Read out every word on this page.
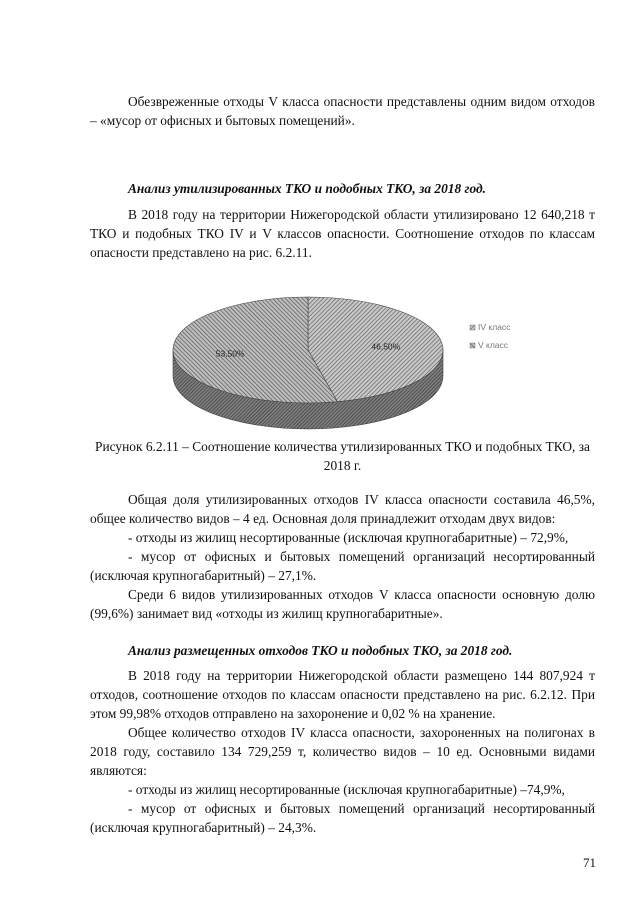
Обезвреженные отходы V класса опасности представлены одним видом отходов – «мусор от офисных и бытовых помещений».

Анализ утилизированных ТКО и подобных ТКО, за 2018 год.

В 2018 году на территории Нижегородской области утилизировано 12 640,218 т ТКО и подобных ТКО IV и V классов опасности. Соотношение отходов по классам опасности представлено на рис. 6.2.11.

46,50%
53,50%
IV класс
V класс

Рисунок 6.2.11 – Соотношение количества утилизированных ТКО и подобных ТКО, за 2018 г.

Общая доля утилизированных отходов IV класса опасности составила 46,5%, общее количество видов – 4 ед. Основная доля принадлежит отходам двух видов:

- отходы из жилищ несортированные (исключая крупногабаритные) – 72,9%,

- мусор от офисных и бытовых помещений организаций несортированный (исключая крупногабаритный) – 27,1%.

Среди 6 видов утилизированных отходов V класса опасности основную долю (99,6%) занимает вид «отходы из жилищ крупногабаритные».

Анализ размещенных отходов ТКО и подобных ТКО, за 2018 год.

В 2018 году на территории Нижегородской области размещено 144 807,924 т отходов, соотношение отходов по классам опасности представлено на рис. 6.2.12. При этом 99,98% отходов отправлено на захоронение и 0,02 % на хранение.

Общее количество отходов IV класса опасности, захороненных на полигонах в 2018 году, составило 134 729,259 т, количество видов – 10 ед. Основными видами являются:

- отходы из жилищ несортированные (исключая крупногабаритные) –74,9%,

- мусор от офисных и бытовых помещений организаций несортированный (исключая крупногабаритный) – 24,3%.

71
